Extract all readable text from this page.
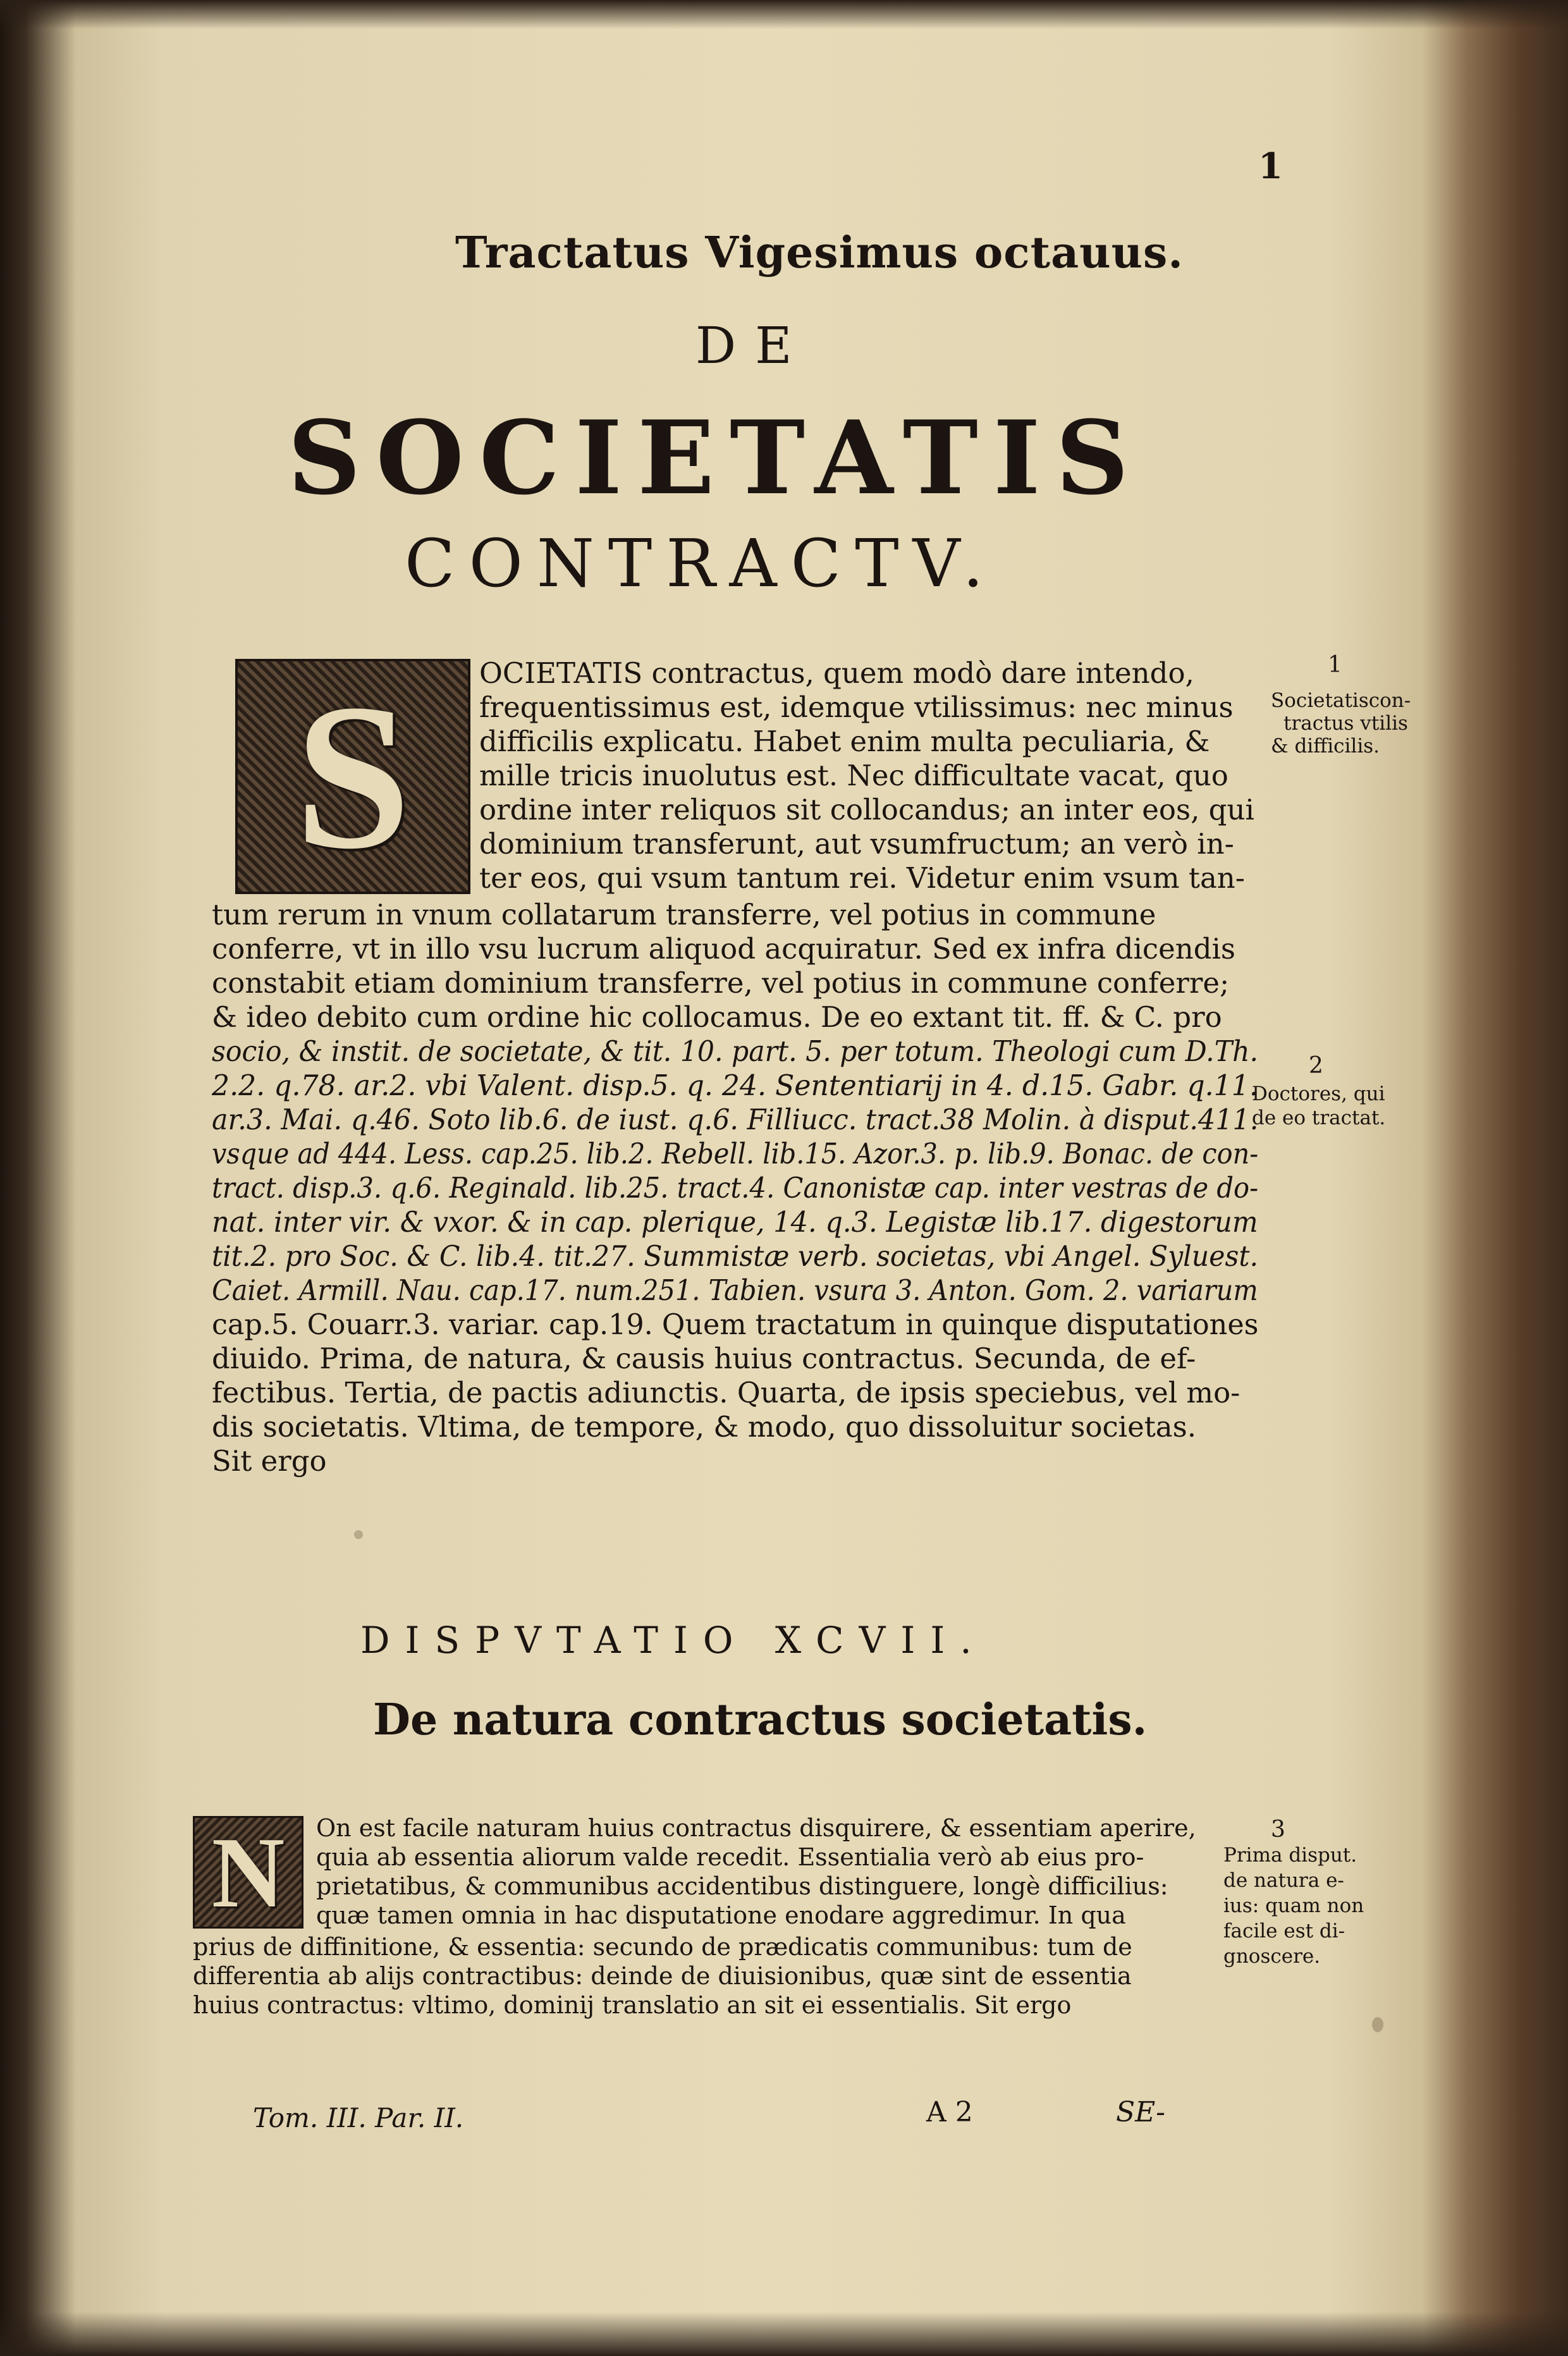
1
Tractatus Vigesimus octauus.
DE
SOCIETATIS
CONTRACTV.
S	OCIETATIS contractus, quem modò dare intendo,
frequentissimus est, idemque vtilissimus: nec minus
difficilis explicatu. Habet enim multa peculiaria, &
mille tricis inuolutus est. Nec difficultate vacat, quo
ordine inter reliquos sit collocandus; an inter eos, qui
dominium transferunt, aut vsumfructum; an verò in-
ter eos, qui vsum tantum rei. Videtur enim vsum tan-
tum rerum in vnum collatarum transferre, vel potius in commune
conferre, vt in illo vsu lucrum aliquod acquiratur. Sed ex infra dicendis
constabit etiam dominium transferre, vel potius in commune conferre;
& ideo debito cum ordine hic collocamus. De eo extant tit. ff. & C. pro
socio, & instit. de societate, & tit. 10. part. 5. per totum. Theologi cum D.Th.
2.2. q.78. ar.2. vbi Valent. disp.5. q. 24. Sententiarij in 4. d.15. Gabr. q.11.
ar.3. Mai. q.46. Soto lib.6. de iust. q.6. Filliucc. tract.38 Molin. à disput.411.
vsque ad 444. Less. cap.25. lib.2. Rebell. lib.15. Azor.3. p. lib.9. Bonac. de con-
tract. disp.3. q.6. Reginald. lib.25. tract.4. Canonistæ cap. inter vestras de do-
nat. inter vir. & vxor. & in cap. plerique, 14. q.3. Legistæ lib.17. digestorum
tit.2. pro Soc. & C. lib.4. tit.27. Summistæ verb. societas, vbi Angel. Syluest.
Caiet. Armill. Nau. cap.17. num.251. Tabien. vsura 3. Anton. Gom. 2. variarum
cap.5. Couarr.3. variar. cap.19. Quem tractatum in quinque disputationes
diuido. Prima, de natura, & causis huius contractus. Secunda, de ef-
fectibus. Tertia, de pactis adiunctis. Quarta, de ipsis speciebus, vel mo-
dis societatis. Vltima, de tempore, & modo, quo dissoluitur societas.
Sit ergo
1
Societatiscon-
tractus vtilis
& difficilis.
2
Doctores, qui
de eo tractat.
DISPVTATIO XCVII.
De natura contractus societatis.
N	On est facile naturam huius contractus disquirere, & essentiam aperire,
quia ab essentia aliorum valde recedit. Essentialia verò ab eius pro-
prietatibus, & communibus accidentibus distinguere, longè difficilius:
quæ tamen omnia in hac disputatione enodare aggredimur. In qua
prius de diffinitione, & essentia: secundo de prædicatis communibus: tum de
differentia ab alijs contractibus: deinde de diuisionibus, quæ sint de essentia
huius contractus: vltimo, dominij translatio an sit ei essentialis. Sit ergo
3
Prima disput.
de natura e-
ius: quam non
facile est di-
gnoscere.
Tom. III. Par. II.	A 2	SE-
